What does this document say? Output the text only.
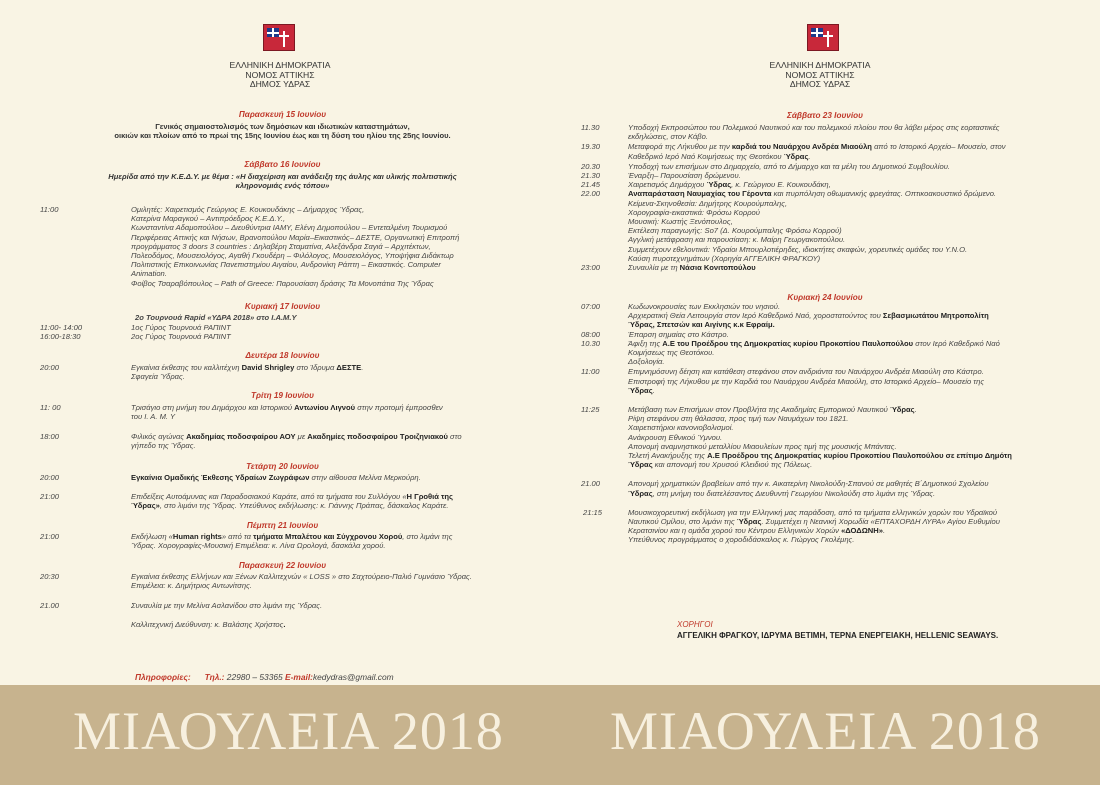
ΕΛΛΗΝΙΚΗ ΔΗΜΟΚΡΑΤΙΑ
ΝΟΜΟΣ ΑΤΤΙΚΗΣ
ΔΗΜΟΣ ΥΔΡΑΣ
Παρασκευή 15 Ιουνίου
Γενικός σημαιοστολισμός των δημόσιων και ιδιωτικών καταστημάτων,
οικιών και πλοίων από το πρωί της 15ης Ιουνίου έως και τη δύση του ηλίου της 25ης Ιουνίου.
Σάββατο 16 Ιουνίου
Ημερίδα από την Κ.Ε.Δ.Υ. με θέμα : «Η διαχείριση και ανάδειξη της άυλης και υλικής πολιτιστικής
κληρονομιάς ενός τόπου»
11:00	Ομιλητές: Χαιρετισμός Γεώργιος Ε. Κουκουδάκης – Δήμαρχος Ύδρας,
Κατερίνα Μαραγκού – Αντιπρόεδρος Κ.Ε.Δ.Υ.,
Κωνσταντίνα Αδαμοπούλου – Διευθύντρια ΙΑΜΥ, Ελένη Δημοπούλου – Εντεταλμένη Τουρισμού
Περιφέρειας Αττικής και Νήσων, Βρανοπούλου Μαρία–Εικαστικός– ΔΕΣΤΕ, Οργανωτική Επιτροπή
προγράμματος 3 doors 3 countries : Δηλαβέρη Σταματίνα, Αλεξάνδρα Σαγιά – Αρχιτέκτων,
Πολεοδόμος, Μουσειολόγος, Αγαθή Γκουδέρη – Φιλόλογος, Μουσειολόγος, Υποψήφια Διδάκτωρ
Πολιτιστικής Επικοινωνίας Πανεπιστημίου Αιγαίου, Ανδρονίκη Ράπτη – Εικαστικός. Computer
Animation.
Φοίβος Τσαραβόπουλος – Path of Greece: Παρουσίαση δράσης Τα Μονοπάτια Της Ύδρας
Κυριακή 17 Ιουνίου
2ο Τουρνουά Rapid «ΥΔΡΑ 2018» στο Ι.Α.Μ.Υ
11:00- 14:00	1ος Γύρος Τουρνουά ΡΑΠΙΝΤ
16:00-18:30	2ος Γύρος Τουρνουά ΡΑΠΙΝΤ
Δευτέρα 18 Ιουνίου
20:00	Εγκαίνια έκθεσης του καλλιτέχνη David Shrigley στο Ίδρυμα ΔΕΣΤΕ.
Σφαγεία Ύδρας.
Τρίτη 19 Ιουνίου
11: 00	Τρισάγιο στη μνήμη του Δημάρχου και Ιστορικού Αντωνίου Λιγνού στην προτομή έμπροσθεν
του Ι. Α. Μ. Υ
18:00	Φιλικός αγώνας Ακαδημίας ποδοσφαίρου ΑΟΥ με Ακαδημίες ποδοσφαίρου Τροιζηνιακού στο
γήπεδο της Ύδρας.
Τετάρτη 20 Ιουνίου
20:00	Εγκαίνια Ομαδικής Έκθεσης Υδραίων Ζωγράφων στην αίθουσα Μελίνα Μερκούρη.
21:00	Επιδείξεις Αυτοάμυνας και Παραδοσιακού Καράτε, από τα τμήματα του Συλλόγου «Η Γροθιά της
Ύδρας», στο λιμάνι της Ύδρας. Υπεύθυνος εκδήλωσης: κ. Γιάννης Πράπας, δάσκαλος Καράτε.
Πέμπτη 21 Ιουνίου
21:00	Εκδήλωση «Human rights» από τα τμήματα Μπαλέτου και Σύγχρονου Χορού, στο λιμάνι της
Ύδρας. Χορογραφίες-Μουσική Επιμέλεια: κ. Λίνα Ωρολογά, δασκάλα χορού.
Παρασκευή 22 Ιουνίου
20:30	Εγκαίνια έκθεσης Ελλήνων και Ξένων Καλλιτεχνών « LOSS » στο Σαχτούρειο-Παλιό Γυμνάσιο Ύδρας.
Επιμέλεια: κ. Δημήτριος Αντωνίτσης.
21.00	Συναυλία με την Μελίνα Ασλανίδου στο λιμάνι της Ύδρας.
Καλλιτεχνική Διεύθυνση: κ. Βαλάσης Χρήστος.
Πληροφορίες: Τηλ.: 22980 – 53365 E-mail:kedydras@gmail.com
ΕΛΛΗΝΙΚΗ ΔΗΜΟΚΡΑΤΙΑ
ΝΟΜΟΣ ΑΤΤΙΚΗΣ
ΔΗΜΟΣ ΥΔΡΑΣ
Σάββατο 23 Ιουνίου
Κυριακή 24 Ιουνίου
11.30	Υποδοχή Εκπροσώπου του Πολεμικού Ναυτικού και του πολεμικού πλοίου που θα λάβει μέρος στις εορταστικές
εκδηλώσεις, στον Κάβο.
19.30	Μεταφορά της Λήκυθου με την καρδιά του Ναυάρχου Ανδρέα Μιαούλη από το Ιστορικό Αρχείο– Μουσείο, στον
Καθεδρικό Ιερό Ναό Κοιμήσεως της Θεοτόκου Ύδρας.
20.30	Υποδοχή των επισήμων στο Δημαρχείο, από το Δήμαρχο και τα μέλη του Δημοτικού Συμβουλίου.
21.30	Έναρξη– Παρουσίαση δρώμενου.
21.45	Χαιρετισμός Δημάρχου Ύδρας, κ. Γεώργιου Ε. Κουκουδάκη,
22.00	Αναπαράσταση Ναυμαχίας του Γέροντα και πυρπόληση οθωμανικής φρεγάτας. Οπτικοακουστικό δρώμενο.
Κείμενα-Σκηνοθεσία: Δημήτρης Κουρούμπαλης,
Χορογραφία-εικαστικά: Φρόσω Κορρού
Μουσική: Κωστής Ξενόπουλος,
Εκτέλεση παραγωγής: So7 (Δ. Κουρούμπαλης Φρόσω Κορρού)
Αγγλική μετάφραση και παρουσίαση: κ. Μαίρη Γεωργακοπούλου.
Συμμετέχουν εθελοντικά: Υδραίοι Μπουρλοτιέρηδες, ιδιοκτήτες σκαφών, χορευτικές ομάδες του Υ.Ν.Ο.
Καύση πυροτεχνημάτων (Χορηγία ΑΓΓΕΛΙΚΗ ΦΡΑΓΚΟΥ)
23:00	Συναυλία με τη Νάσια Κονιτοπούλου
07:00	Κωδωνοκρουσίες των Εκκλησιών του νησιού.
Αρχιερατική Θεία Λειτουργία στον Ιερό Καθεδρικό Ναό, χοροστατούντος του Σεβασμιωτάτου Μητροπολίτη
Ύδρας, Σπετσών και Αιγίνης κ.κ Εφραίμ.
08:00	Έπαρση σημαίας στο Κάστρο.
10.30	Άφιξη της Α.Ε του Προέδρου της Δημοκρατίας κυρίου Προκοπίου Παυλοπούλου στον Ιερό Καθεδρικό Ναό
Κοιμήσεως της Θεοτόκου.
Δοξολογία.
11:00	Επιμνημόσυνη δέηση και κατάθεση στεφάνου στον ανδριάντα του Ναυάρχου Ανδρέα Μιαούλη στο Κάστρο.
Επιστροφή της Λήκυθου με την Καρδιά του Ναυάρχου Ανδρέα Μιαούλη, στο Ιστορικό Αρχείο– Μουσείο της
Ύδρας.
11:25	Μετάβαση των Επισήμων στον Προβλήτα της Ακαδημίας Εμπορικού Ναυτικού Ύδρας.
Ρίψη στεφάνου στη θάλασσα, προς τιμή των Ναυμάχων του 1821.
Χαιρετιστήριοι κανονιοβολισμοί.
Ανάκρουση Εθνικού Ύμνου.
Απονομή αναμνηστικού μεταλλίου Μιαουλείων προς τιμή της μουσικής Μπάντας.
Τελετή Ανακήρυξης της Α.Ε Προέδρου της Δημοκρατίας κυρίου Προκοπίου Παυλοπούλου σε επίτιμο Δημότη
Ύδρας και απονομή του Χρυσού Κλειδιού της Πόλεως.
21.00	Απονομή χρηματικών βραβείων από την κ. Αικατερίνη Νικολούδη-Σπανού σε μαθητές Β΄Δημοτικού Σχολείου
Ύδρας, στη μνήμη του διατελέσαντος Διευθυντή Γεωργίου Νικολούδη στο λιμάνι της Ύδρας.
21:15	Μουσικοχορευτική εκδήλωση για την Ελληνική μας παράδοση, από τα τμήματα ελληνικών χορών του Υδραϊκού
Ναυτικού Ομίλου, στο λιμάνι της Ύδρας. Συμμετέχει η Νεανική Χορωδία «ΕΠΤΑΧΟΡΔΗ ΛΥΡΑ» Αγίου Ευθυμίου
Κερατσινίου και η ομάδα χορού του Κέντρου Ελληνικών Χορών «ΔΟΔΩΝΗ».
Υπεύθυνος προγράμματος ο χοροδιδάσκαλος κ. Γιώργος Γκολέμης.
ΧΟΡΗΓΟΙ
ΑΓΓΕΛΙΚΗ ΦΡΑΓΚΟΥ, ΙΔΡΥΜΑ ΒΕΤΙΜΗ, ΤΕΡΝΑ ΕΝΕΡΓΕΙΑΚΗ, HELLENIC SEAWAYS.
ΜΙΑΟΥΛΕΙΑ 2018 ΜΙΑΟΥΛΕΙΑ 2018
